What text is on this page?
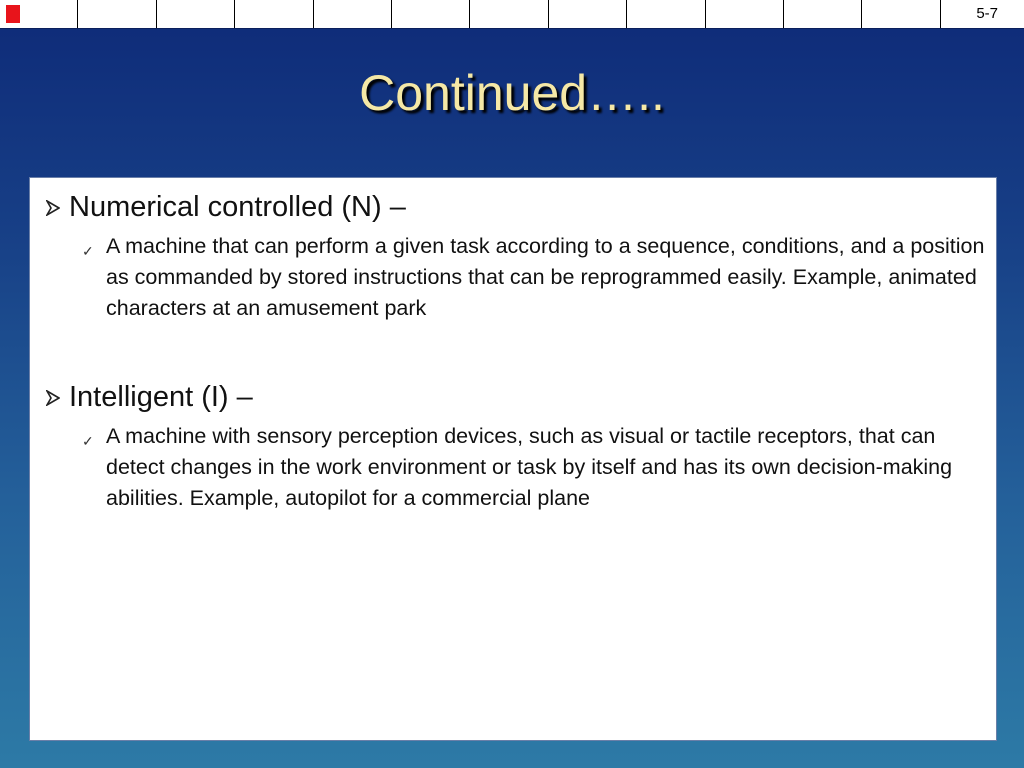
5-7
Continued…..
Numerical controlled (N) –
✓ A machine that can perform a given task according to a sequence, conditions, and a position as commanded by stored instructions that can be reprogrammed easily. Example, animated characters at an amusement park
Intelligent (I) –
✓ A machine with sensory perception devices, such as visual or tactile receptors, that can detect changes in the work environment or task by itself and has its own decision-making abilities. Example, autopilot for a commercial plane
